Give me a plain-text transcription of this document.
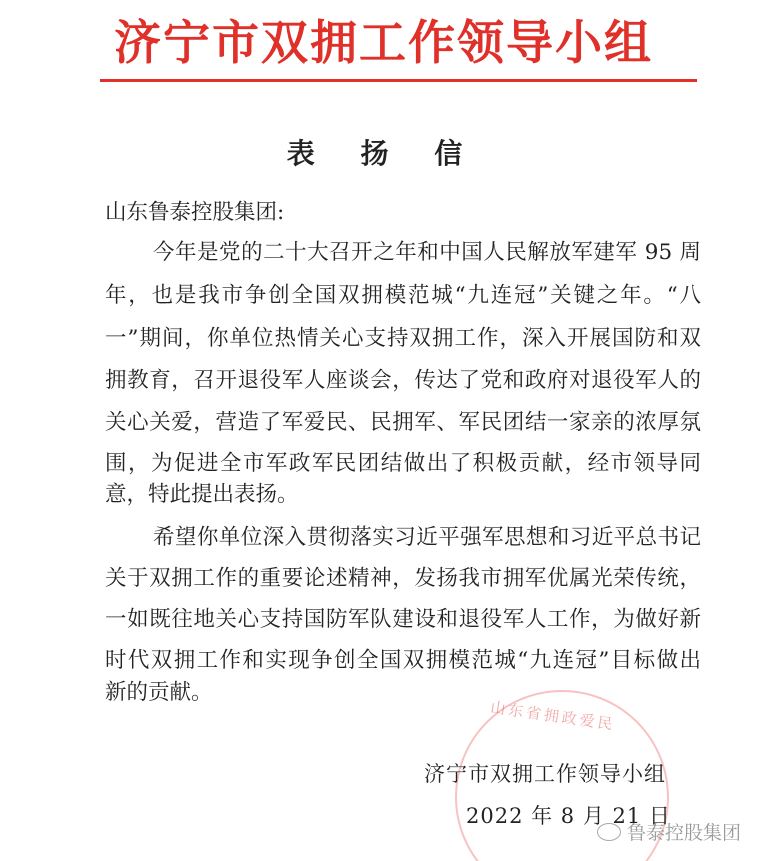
济宁市双拥工作领导小组
表 扬 信
山东鲁泰控股集团:
今年是党的二十大召开之年和中国人民解放军建军 95 周
年，也是我市争创全国双拥模范城“九连冠”关键之年。“八
一”期间，你单位热情关心支持双拥工作，深入开展国防和双
拥教育，召开退役军人座谈会，传达了党和政府对退役军人的
关心关爱，营造了军爱民、民拥军、军民团结一家亲的浓厚氛
围，为促进全市军政军民团结做出了积极贡献，经市领导同
意，特此提出表扬。
希望你单位深入贯彻落实习近平强军思想和习近平总书记
关于双拥工作的重要论述精神，发扬我市拥军优属光荣传统，
一如既往地关心支持国防军队建设和退役军人工作，为做好新
时代双拥工作和实现争创全国双拥模范城“九连冠”目标做出
新的贡献。
山东省拥政爱民
济宁市双拥工作领导小组
2022 年 8 月 21 日
鲁泰控股集团
